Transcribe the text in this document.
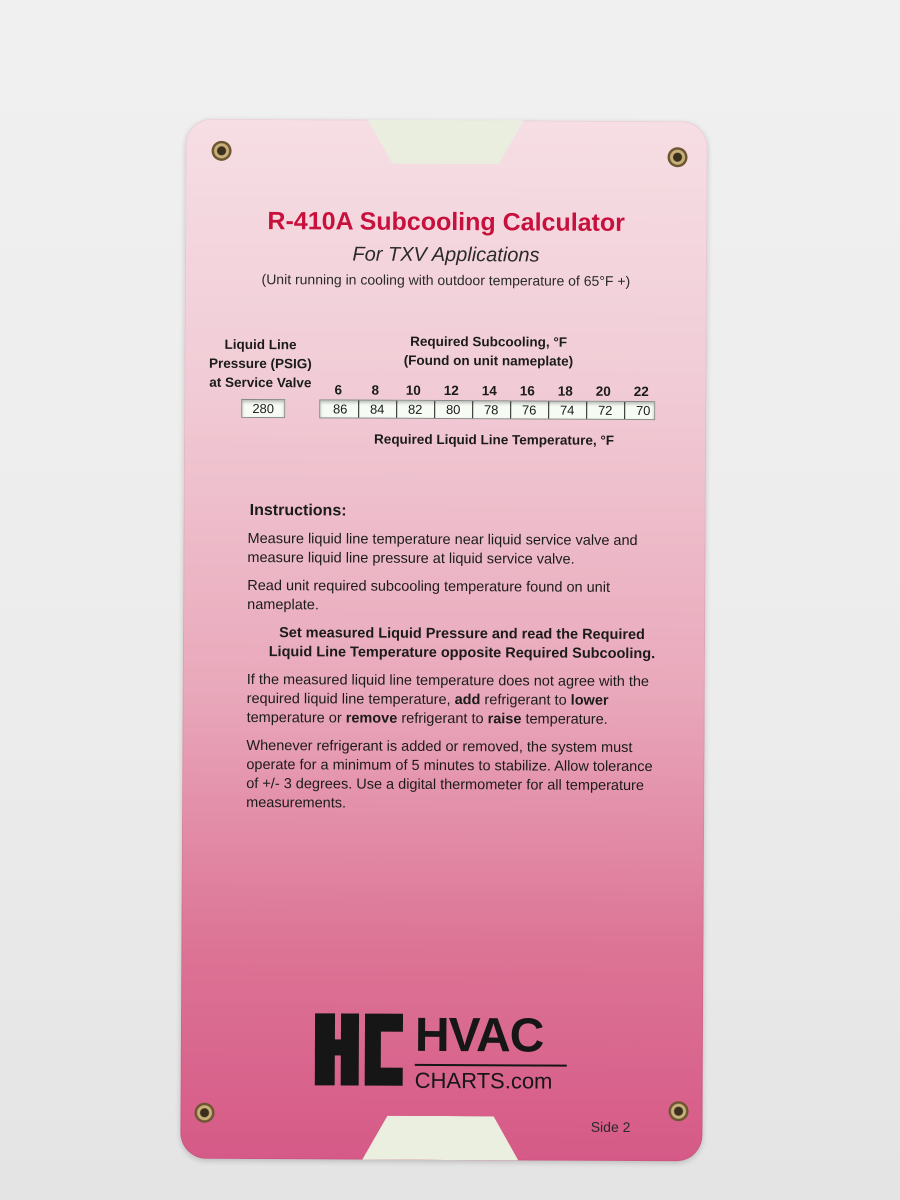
R-410A Subcooling Calculator
For TXV Applications
(Unit running in cooling with outdoor temperature of 65°F +)
Liquid Line
Pressure (PSIG)
at Service Valve
Required Subcooling, °F
(Found on unit nameplate)
6	8	10	12	14	16	18	20	22
280	86	84	82	80	78	76	74	72	70
Required Liquid Line Temperature, °F
Instructions:

Measure liquid line temperature near liquid service valve and measure liquid line pressure at liquid service valve.

Read unit required subcooling temperature found on unit nameplate.

Set measured Liquid Pressure and read the Required Liquid Line Temperature opposite Required Subcooling.

If the measured liquid line temperature does not agree with the required liquid line temperature, add refrigerant to lower temperature or remove refrigerant to raise temperature.

Whenever refrigerant is added or removed, the system must operate for a minimum of 5 minutes to stabilize. Allow tolerance of +/- 3 degrees. Use a digital thermometer for all temperature measurements.

HVAC
CHARTS.com
Side 2
